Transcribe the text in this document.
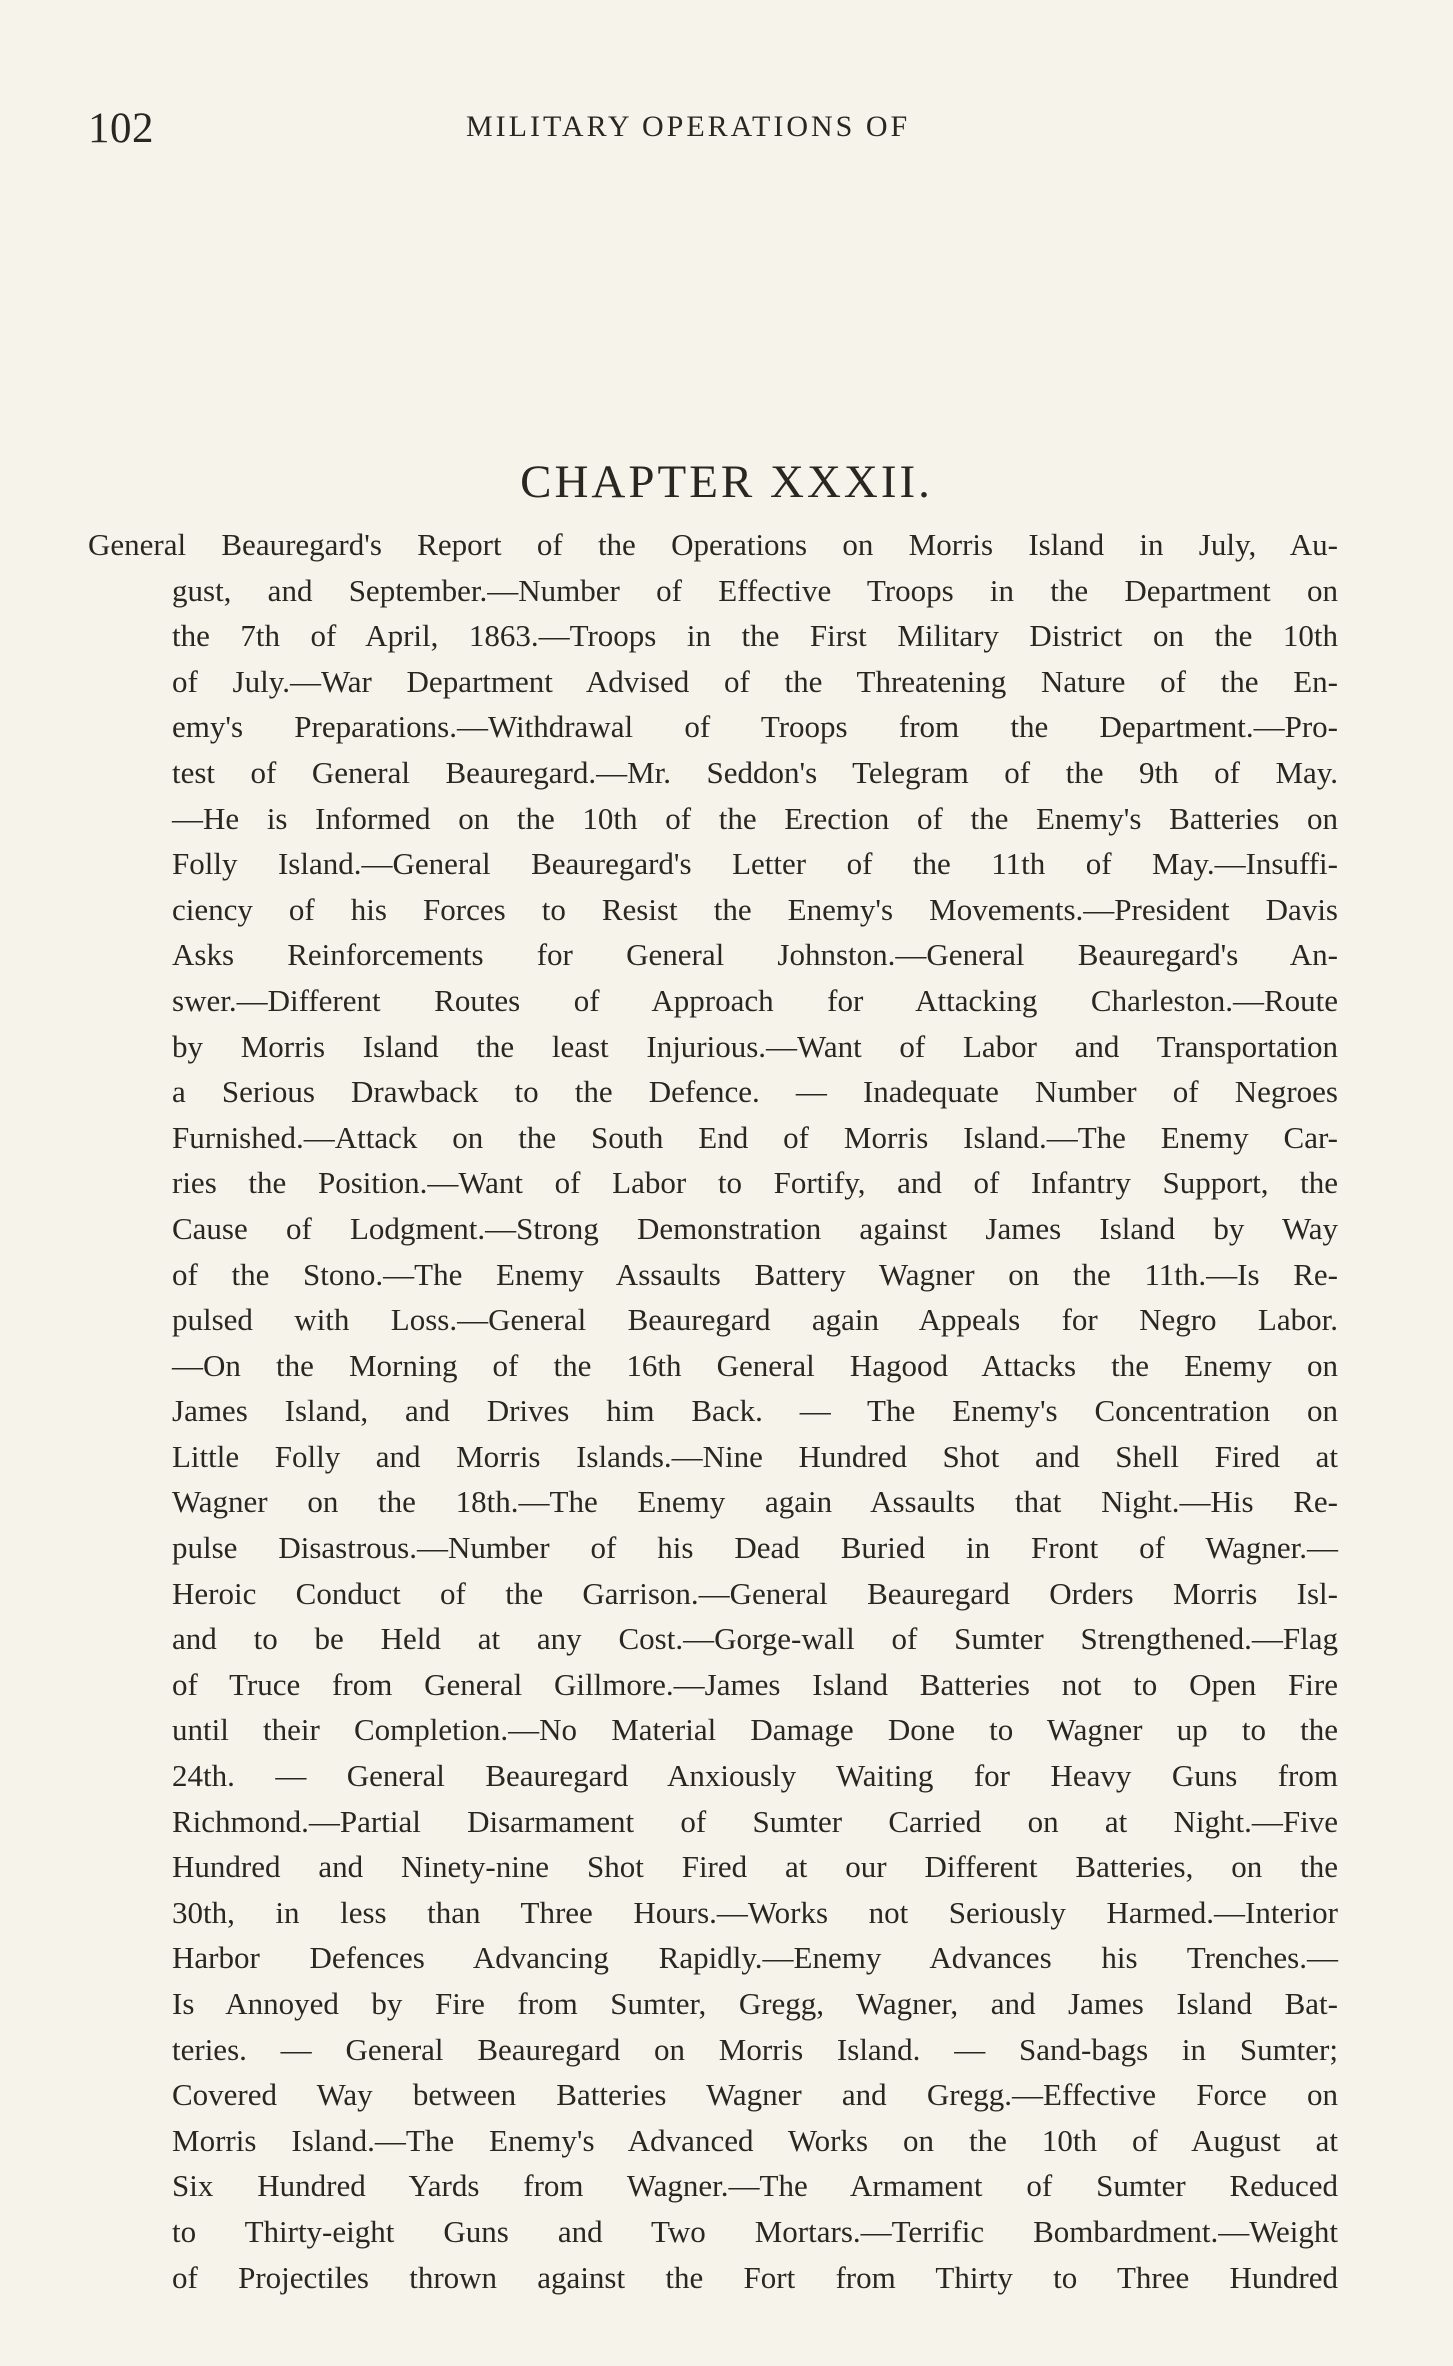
102	MILITARY OPERATIONS OF
CHAPTER XXXII.
General Beauregard's Report of the Operations on Morris Island in July, Au-
gust, and September.—Number of Effective Troops in the Department on
the 7th of April, 1863.—Troops in the First Military District on the 10th
of July.—War Department Advised of the Threatening Nature of the En-
emy's Preparations.—Withdrawal of Troops from the Department.—Pro-
test of General Beauregard.—Mr. Seddon's Telegram of the 9th of May.
—He is Informed on the 10th of the Erection of the Enemy's Batteries on
Folly Island.—General Beauregard's Letter of the 11th of May.—Insuffi-
ciency of his Forces to Resist the Enemy's Movements.—President Davis
Asks Reinforcements for General Johnston.—General Beauregard's An-
swer.—Different Routes of Approach for Attacking Charleston.—Route
by Morris Island the least Injurious.—Want of Labor and Transportation
a Serious Drawback to the Defence. — Inadequate Number of Negroes
Furnished.—Attack on the South End of Morris Island.—The Enemy Car-
ries the Position.—Want of Labor to Fortify, and of Infantry Support, the
Cause of Lodgment.—Strong Demonstration against James Island by Way
of the Stono.—The Enemy Assaults Battery Wagner on the 11th.—Is Re-
pulsed with Loss.—General Beauregard again Appeals for Negro Labor.
—On the Morning of the 16th General Hagood Attacks the Enemy on
James Island, and Drives him Back. — The Enemy's Concentration on
Little Folly and Morris Islands.—Nine Hundred Shot and Shell Fired at
Wagner on the 18th.—The Enemy again Assaults that Night.—His Re-
pulse Disastrous.—Number of his Dead Buried in Front of Wagner.—
Heroic Conduct of the Garrison.—General Beauregard Orders Morris Isl-
and to be Held at any Cost.—Gorge-wall of Sumter Strengthened.—Flag
of Truce from General Gillmore.—James Island Batteries not to Open Fire
until their Completion.—No Material Damage Done to Wagner up to the
24th. — General Beauregard Anxiously Waiting for Heavy Guns from
Richmond.—Partial Disarmament of Sumter Carried on at Night.—Five
Hundred and Ninety-nine Shot Fired at our Different Batteries, on the
30th, in less than Three Hours.—Works not Seriously Harmed.—Interior
Harbor Defences Advancing Rapidly.—Enemy Advances his Trenches.—
Is Annoyed by Fire from Sumter, Gregg, Wagner, and James Island Bat-
teries. — General Beauregard on Morris Island. — Sand-bags in Sumter;
Covered Way between Batteries Wagner and Gregg.—Effective Force on
Morris Island.—The Enemy's Advanced Works on the 10th of August at
Six Hundred Yards from Wagner.—The Armament of Sumter Reduced
to Thirty-eight Guns and Two Mortars.—Terrific Bombardment.—Weight
of Projectiles thrown against the Fort from Thirty to Three Hundred
